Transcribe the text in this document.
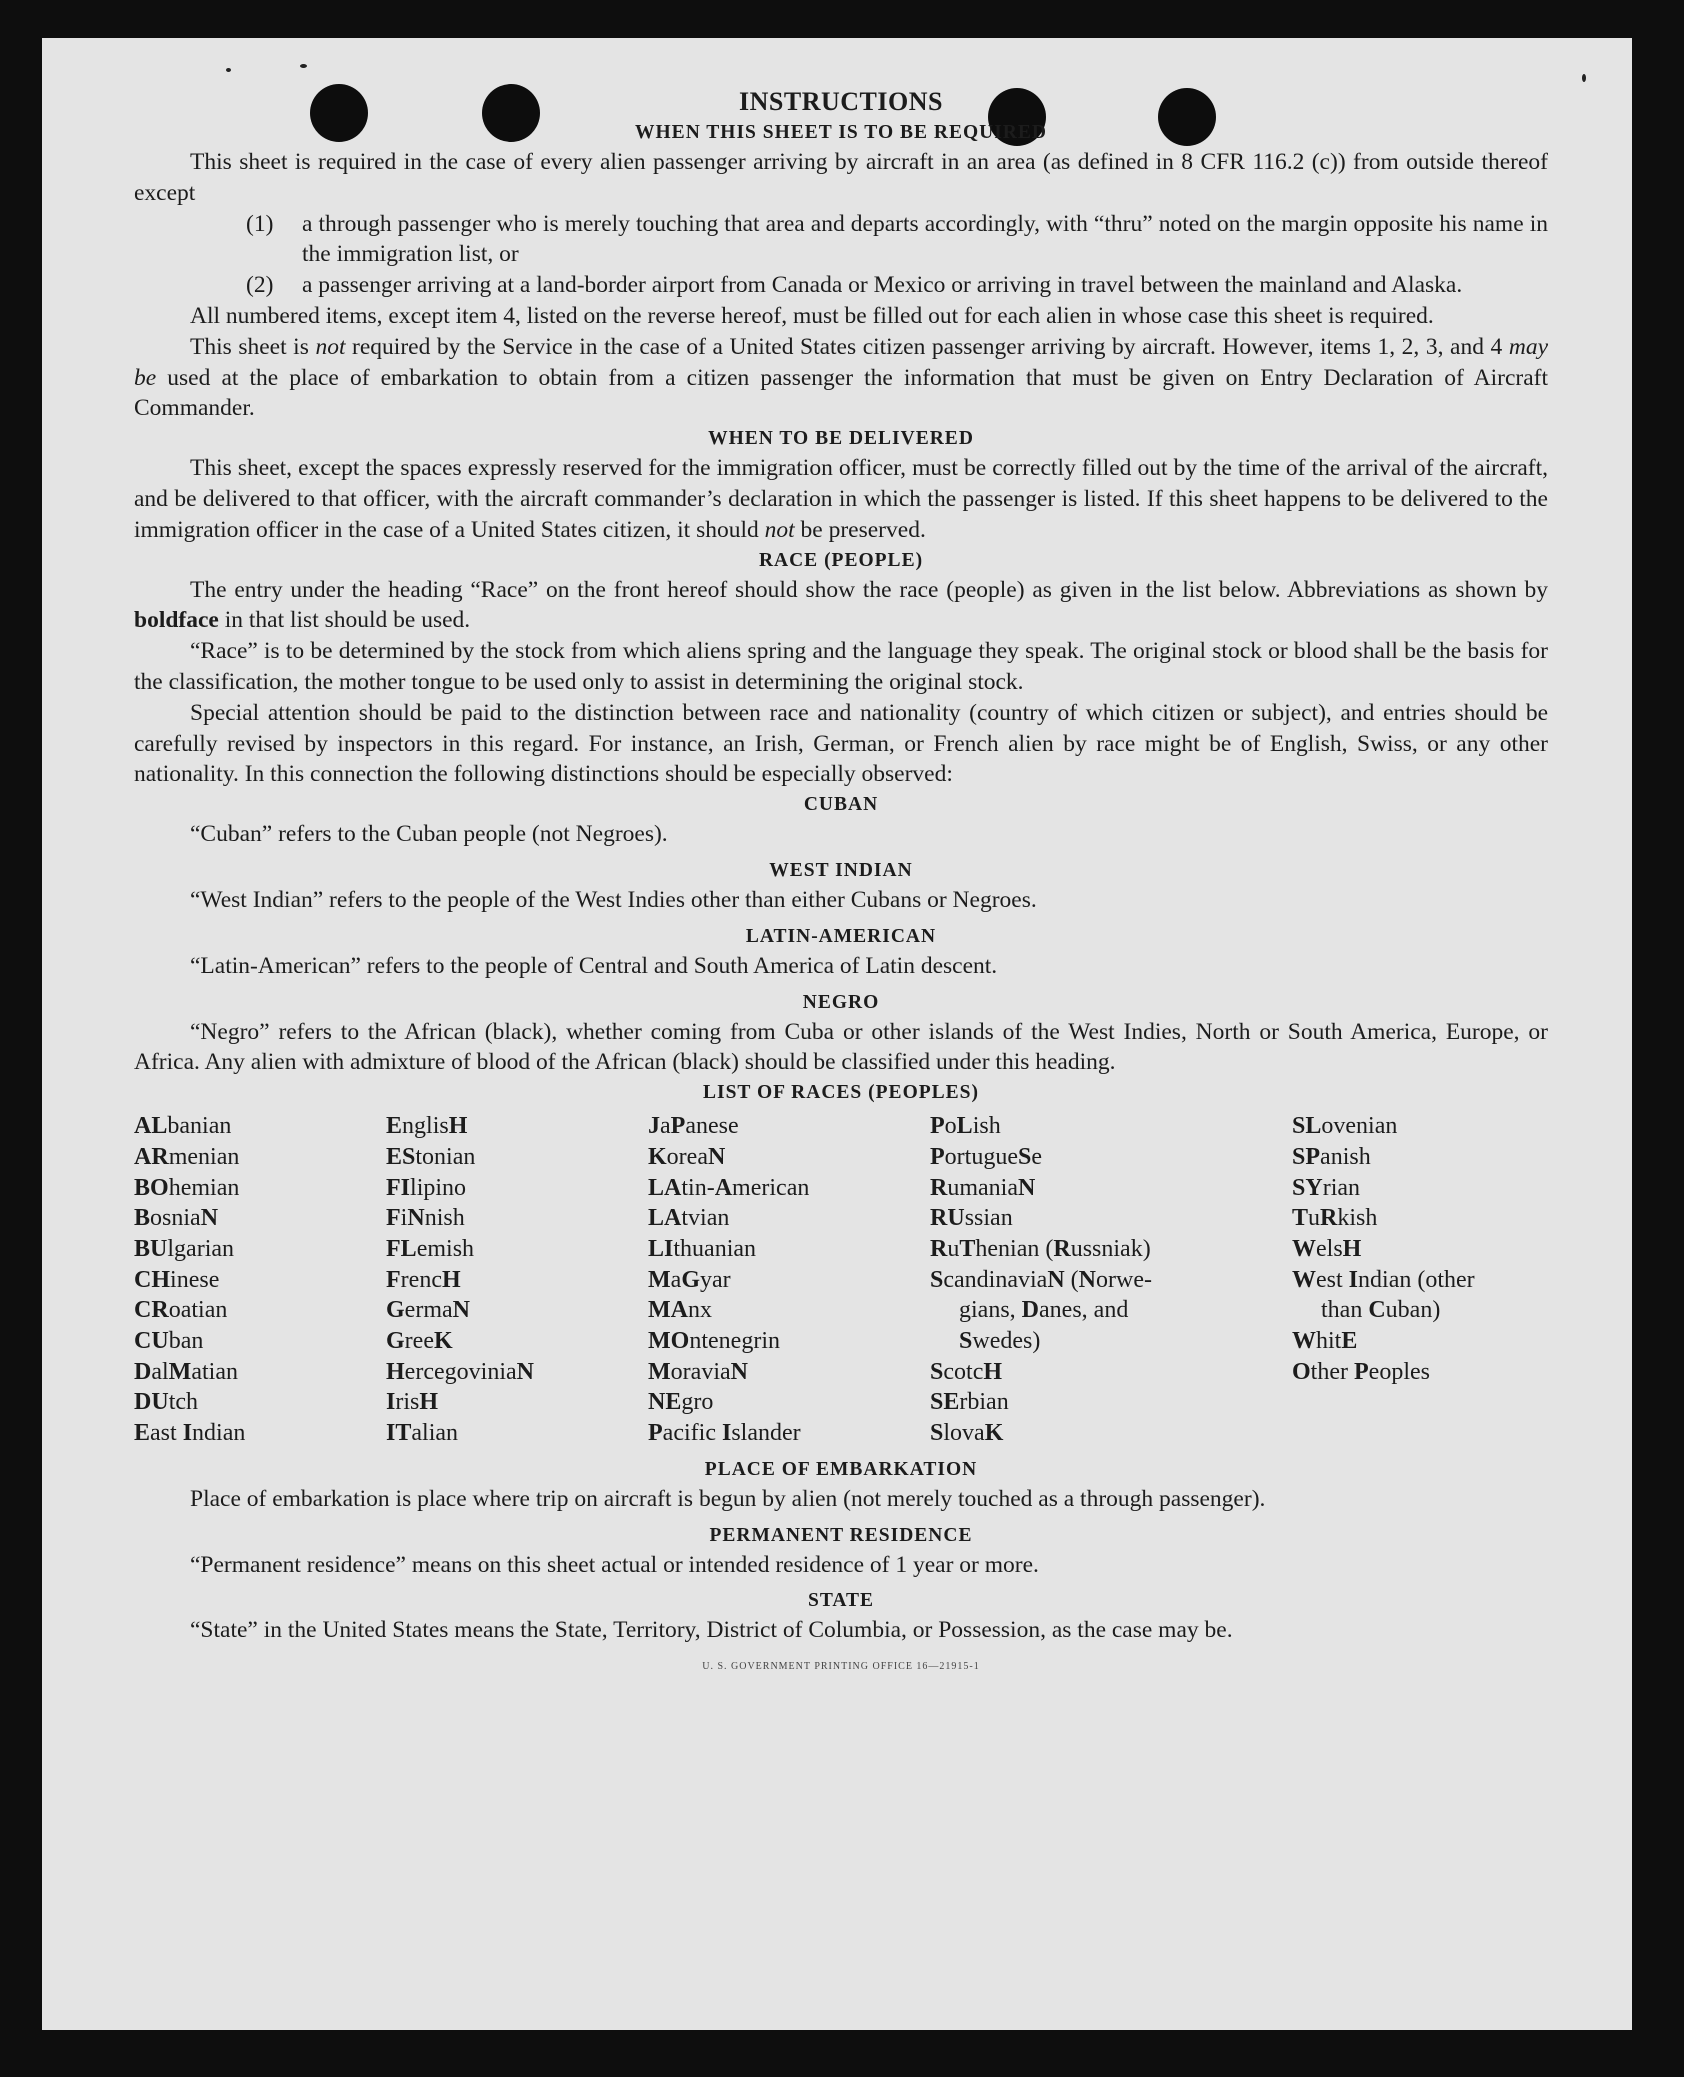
INSTRUCTIONS
WHEN THIS SHEET IS TO BE REQUIRED
This sheet is required in the case of every alien passenger arriving by aircraft in an area (as defined in 8 CFR 116.2 (c)) from outside thereof except
(1)	a through passenger who is merely touching that area and departs accordingly, with “thru” noted on the margin opposite his name in the immigration list, or
(2)	a passenger arriving at a land-border airport from Canada or Mexico or arriving in travel between the mainland and Alaska.
All numbered items, except item 4, listed on the reverse hereof, must be filled out for each alien in whose case this sheet is required.
This sheet is not required by the Service in the case of a United States citizen passenger arriving by aircraft. However, items 1, 2, 3, and 4 may be used at the place of embarkation to obtain from a citizen passenger the information that must be given on Entry Declaration of Aircraft Commander.
WHEN TO BE DELIVERED
This sheet, except the spaces expressly reserved for the immigration officer, must be correctly filled out by the time of the arrival of the aircraft, and be delivered to that officer, with the aircraft commander’s declaration in which the passenger is listed. If this sheet happens to be delivered to the immigration officer in the case of a United States citizen, it should not be preserved.
RACE (PEOPLE)
The entry under the heading “Race” on the front hereof should show the race (people) as given in the list below. Abbreviations as shown by boldface in that list should be used.
“Race” is to be determined by the stock from which aliens spring and the language they speak. The original stock or blood shall be the basis for the classification, the mother tongue to be used only to assist in determining the original stock.
Special attention should be paid to the distinction between race and nationality (country of which citizen or subject), and entries should be carefully revised by inspectors in this regard. For instance, an Irish, German, or French alien by race might be of English, Swiss, or any other nationality. In this connection the following distinctions should be especially observed:
CUBAN
“Cuban” refers to the Cuban people (not Negroes).
WEST INDIAN
“West Indian” refers to the people of the West Indies other than either Cubans or Negroes.
LATIN-AMERICAN
“Latin-American” refers to the people of Central and South America of Latin descent.
NEGRO
“Negro” refers to the African (black), whether coming from Cuba or other islands of the West Indies, North or South America, Europe, or Africa. Any alien with admixture of blood of the African (black) should be classified under this heading.
LIST OF RACES (PEOPLES)
ALbanian
ARmenian
BOhemian
BosniaN
BUlgarian
CHinese
CRoatian
CUban
DalMatian
DUtch
East Indian
EnglisH
EStonian
FIlipino
FiNnish
FLemish
FrencH
GermaN
GreeK
HercegoviniaN
IrisH
ITalian
JaPanese
KoreaN
LAtin-American
LAtvian
LIthuanian
MaGyar
MAnx
MOntenegrin
MoraviaN
NEgro
Pacific Islander
PoLish
PortugueSe
RumaniaN
RUssian
RuThenian (Russniak)
ScandinaviaN (Norwe-
gians, Danes, and
Swedes)
ScotcH
SErbian
SlovaK
SLovenian
SPanish
SYrian
TuRkish
WelsH
West Indian (other
than Cuban)
WhitE
Other Peoples
PLACE OF EMBARKATION
Place of embarkation is place where trip on aircraft is begun by alien (not merely touched as a through passenger).
PERMANENT RESIDENCE
“Permanent residence” means on this sheet actual or intended residence of 1 year or more.
STATE
“State” in the United States means the State, Territory, District of Columbia, or Possession, as the case may be.
U. S. GOVERNMENT PRINTING OFFICE 16—21915-1
